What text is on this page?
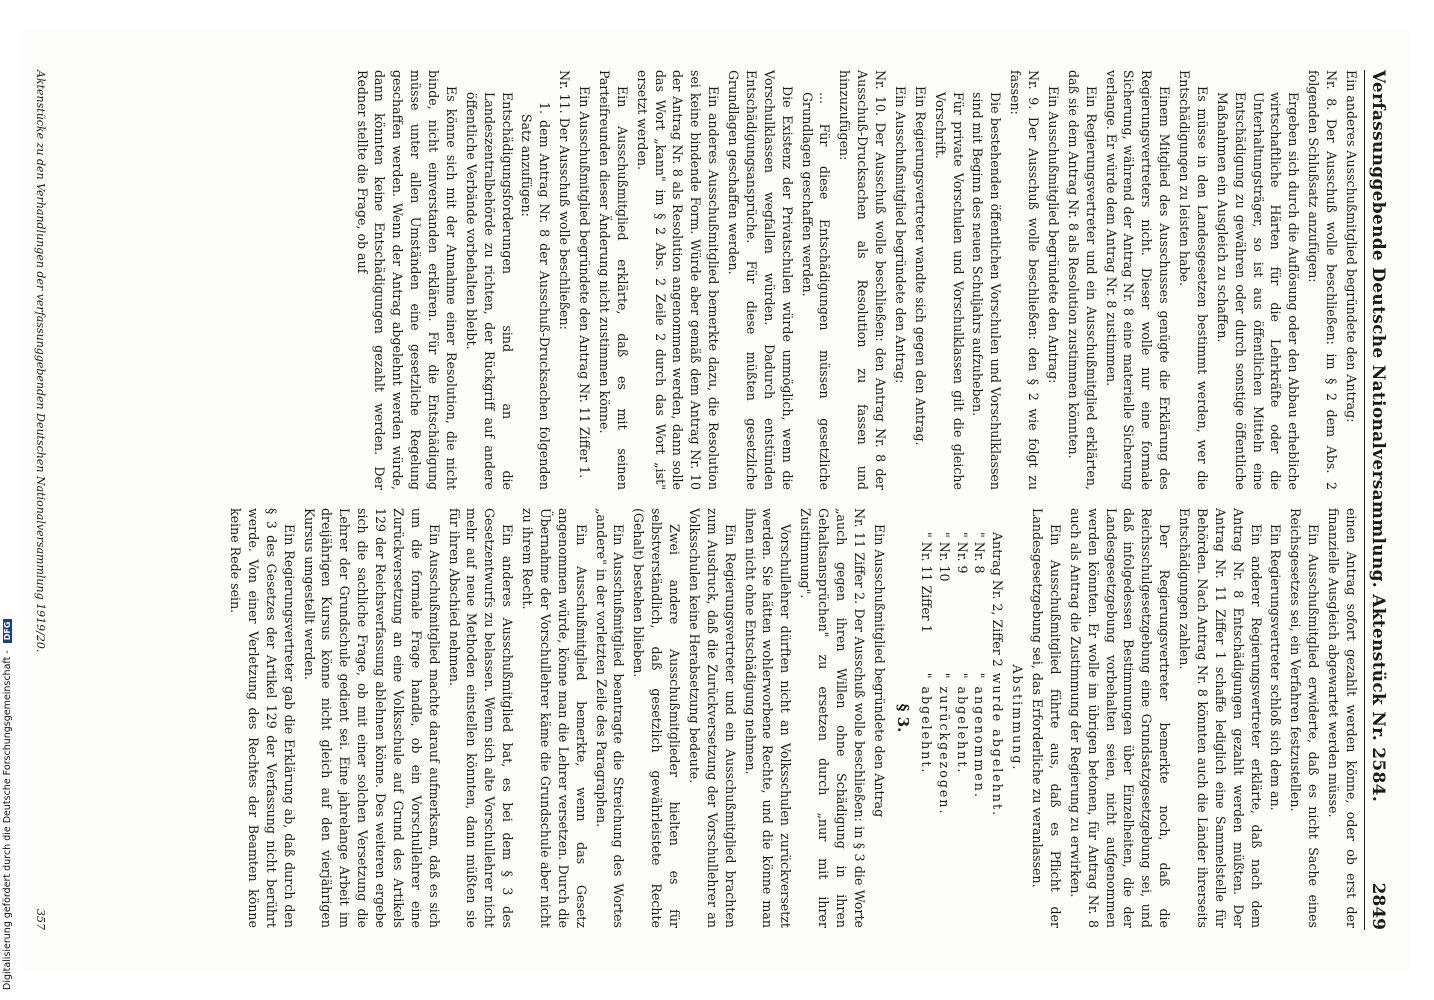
Digitalisierung gefördert durch die Deutsche Forschungsgemeinschaft - DFG	Verfassunggebende Deutsche Nationalversammlung. Aktenstück Nr. 2584.
2849

Ein anderes Ausschußmitglied begründete den Antrag:

Nr. 8. Der Ausschuß wolle beschließen: im § 2 dem Abs. 2 folgenden Schlußsatz anzufügen:

Ergeben sich durch die Auflösung oder den Abbau erhebliche wirtschaftliche Härten für die Lehrkräfte oder die Unterhaltungsträger, so ist aus öffentlichen Mitteln eine Entschädigung zu gewähren oder durch sonstige öffentliche Maßnahmen ein Ausgleich zu schaffen.

Es müsse in den Landesgesetzen bestimmt werden, wer die Entschädigungen zu leisten habe.

Einem Mitglied des Ausschusses genügte die Erklärung des Regierungsvertreters nicht. Dieser wolle nur eine formale Sicherung, während der Antrag Nr. 8 eine materielle Sicherung verlange. Er würde dem Antrag Nr. 8 zustimmen.

Ein Regierungsvertreter und ein Ausschußmitglied erklärten, daß sie dem Antrag Nr. 8 als Resolution zustimmen könnten.

Ein Ausschußmitglied begründete den Antrag:

Nr. 9. Der Ausschuß wolle beschließen: den § 2 wie folgt zu fassen:

Die bestehenden öffentlichen Vorschulen und Vorschulklassen sind mit Beginn des neuen Schuljahrs aufzuheben.

Für private Vorschulen und Vorschulklassen gilt die gleiche Vorschrift.

Ein Regierungsvertreter wandte sich gegen den Antrag.

Ein Ausschußmitglied begründete den Antrag:

Nr. 10. Der Ausschuß wolle beschließen: den Antrag Nr. 8 der Ausschuß-Drucksachen als Resolution zu fassen und hinzuzufügen:

... Für diese Entschädigungen müssen gesetzliche Grundlagen geschaffen werden.

Die Existenz der Privatschulen würde unmöglich, wenn die Vorschulklassen wegfallen würden. Dadurch entstünden Entschädigungsansprüche. Für diese müßten gesetzliche Grundlagen geschaffen werden.

Ein anderes Ausschußmitglied bemerkte dazu, die Resolution sei keine bindende Form. Würde aber gemäß dem Antrag Nr. 10 der Antrag Nr. 8 als Resolution angenommen werden, dann solle das Wort „kann" im § 2 Abs. 2 Zeile 2 durch das Wort „ist" ersetzt werden.

Ein Ausschußmitglied erklärte, daß es mit seinen Parteifreunden dieser Änderung nicht zustimmen könne.

Ein Ausschußmitglied begründete den Antrag Nr. 11 Ziffer 1.

Nr. 11. Der Ausschuß wolle beschließen:

1. dem Antrag Nr. 8 der Ausschuß-Drucksachen folgenden Satz anzufügen:

Entschädigungsforderungen sind an die Landeszentralbehörde zu richten, der Rückgriff auf andere öffentliche Verbände vorbehalten bleibt.

Es könne sich mit der Annahme einer Resolution, die nicht binde, nicht einverstanden erklären. Für die Entschädigung müsse unter allen Umständen eine gesetzliche Regelung geschaffen werden. Wenn der Antrag abgelehnt werden würde, dann könnten keine Entschädigungen gezahlt werden. Der Redner stellte die Frage, ob auf

einen Antrag sofort gezahlt werden könne, oder ob erst der finanzielle Ausgleich abgewartet werden müsse.

Ein Ausschußmitglied erwiderte, daß es nicht Sache eines Reichsgesetzes sei, ein Verfahren festzustellen.

Ein Regierungsvertreter schloß sich dem an.

Ein anderer Regierungsvertreter erklärte, daß nach dem Antrag Nr. 8 Entschädigungen gezahlt werden müßten. Der Antrag Nr. 11 Ziffer 1 schaffe lediglich eine Sammelstelle für Behörden. Nach Antrag Nr. 8 könnten auch die Länder ihrerseits Entschädigungen zahlen.

Der Regierungsvertreter bemerkte noch, daß die Reichsschulgesetzgebung eine Grundsatzgesetzgebung sei, und daß infolgedessen Bestimmungen über Einzelheiten, die der Landesgesetzgebung vorbehalten seien, nicht aufgenommen werden könnten. Er wolle im übrigen betonen, für Antrag Nr. 8 auch als Antrag die Zustimmung der Regierung zu erwirken.

Ein Ausschußmitglied führte aus, daß es Pflicht der Landesgesetzgebung sei, das Erforderliche zu veranlassen.

Abstimmung.

Antrag Nr. 2, Ziffer 2	wurde abgelehnt.
" Nr. 8	" angenommen.
" Nr. 9	" abgelehnt.
" Nr. 10	" zurückgezogen.
" Nr. 11 Ziffer 1	" abgelehnt.
§ 3.

Ein Ausschußmitglied begründete den Antrag

Nr. 11 Ziffer 2. Der Ausschuß wolle beschließen: in § 3 die Worte „auch gegen ihren Willen ohne Schädigung in ihren Gehaltsansprüchen" zu ersetzen durch „nur mit ihrer Zustimmung".

Vorschullehrer dürften nicht an Volksschulen zurückversetzt werden. Sie hätten wohlerworbene Rechte, und die könne man ihnen nicht ohne Entschädigung nehmen.

Ein Regierungsvertreter und ein Ausschußmitglied brachten zum Ausdruck, daß die Zurückversetzung der Vorschullehrer an Volksschulen keine Herabsetzung bedeute.

Zwei andere Ausschußmitglieder hielten es für selbstverständlich, daß gesetzlich gewährleistete Rechte (Gehalt) bestehen blieben.

Ein Ausschußmitglied beantragte die Streichung des Wortes „andere" in der vorletzten Zeile des Paragraphen.

Ein Ausschußmitglied bemerkte, wenn das Gesetz angenommen würde, könne man die Lehrer versetzen. Durch die Übernahme der Vorschullehrer käme die Grundschule aber nicht zu ihrem Recht.

Ein anderes Ausschußmitglied bat, es bei dem § 3 des Gesetzentwurfs zu belassen. Wenn sich alte Vorschullehrer nicht mehr auf neue Methoden einstellen könnten, dann müßten sie für ihren Abschied nehmen.

Ein Ausschußmitglied machte darauf aufmerksam, daß es sich um die formale Frage handle, ob ein Vorschullehrer eine Zurückversetzung an eine Volksschule auf Grund des Artikels 129 der Reichsverfassung ablehnen könne. Des weiteren ergebe sich die sachliche Frage, ob mit einer solchen Versetzung die Lehrer der Grundschule gedient sei. Eine jahrelange Arbeit im dreijährigen Kursus könne nicht gleich auf den vierjährigen Kursus umgestellt werden.

Ein Regierungsvertreter gab die Erklärung ab, daß durch den § 3 des Gesetzes der Artikel 129 der Verfassung nicht berührt werde. Von einer Verletzung des Rechtes der Beamten könne keine Rede sein.

Aktenstücke zu den Verhandlungen der verfassunggebenden Deutschen Nationalversammlung 1919/20.
357
